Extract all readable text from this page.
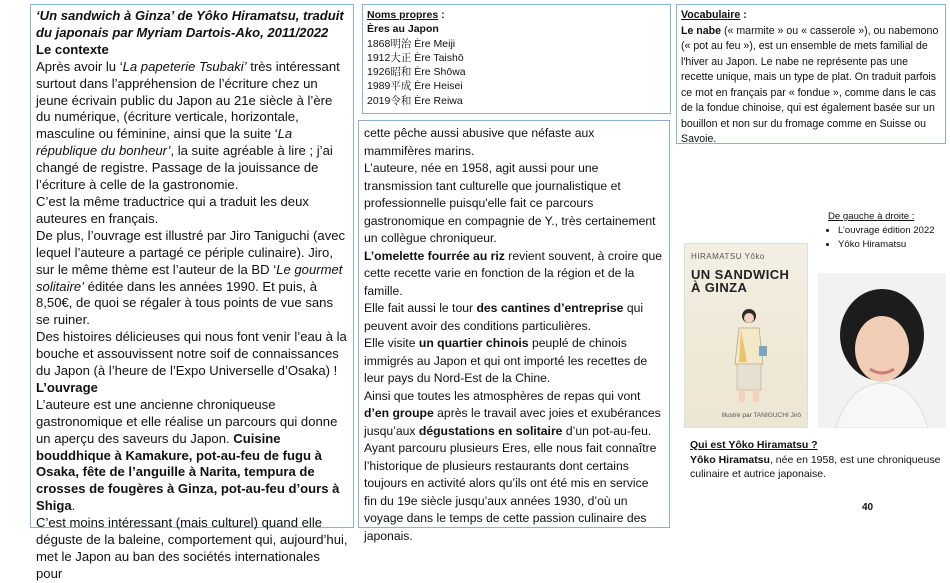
‘Un sandwich à Ginza’ de Yôko Hiramatsu, traduit du japonais par Myriam Dartois-Ako, 2011/2022

Le contexte

Après avoir lu ‘La papeterie Tsubaki’ très intéressant surtout dans l’appréhension de l’écriture chez un jeune écrivain public du Japon au 21e siècle à l’ère du numérique, (écriture verticale, horizontale, masculine ou féminine, ainsi que la suite ‘La république du bonheur’, la suite agréable à lire ; j’ai changé de registre. Passage de la jouissance de l’écriture à celle de la gastronomie.

C’est la même traductrice qui a traduit les deux auteures en français.

De plus, l’ouvrage est illustré par Jiro Taniguchi (avec lequel l’auteure a partagé ce périple culinaire). Jiro, sur le même thème est l’auteur de la BD ‘Le gourmet solitaire’ éditée dans les années 1990. Et puis, à 8,50€, de quoi se régaler à tous points de vue sans se ruiner.

Des histoires délicieuses qui nous font venir l’eau à la bouche et assouvissent notre soif de connaissances du Japon (à l’heure de l’Expo Universelle d’Osaka) !

L’ouvrage

L’auteure est une ancienne chroniqueuse gastronomique et elle réalise un parcours qui donne un aperçu des saveurs du Japon. Cuisine bouddhique à Kamakure, pot-au-feu de fugu à Osaka, fête de l’anguille à Narita, tempura de crosses de fougères à Ginza, pot-au-feu d’ours à Shiga.

C’est moins intéressant (mais culturel) quand elle déguste de la baleine, comportement qui, aujourd’hui, met le Japon au ban des sociétés internationales pour

Noms propres :
Ères au Japon
1868明治 Ère Meiji
1912大正 Ère Taishō
1926昭和 Ère Shōwa
1989平成 Ère Heisei
2019令和 Ère Reiwa

cette pêche aussi abusive que néfaste aux mammifères marins.

L’auteure, née en 1958, agit aussi pour une transmission tant culturelle que journalistique et professionnelle puisqu'elle fait ce parcours gastronomique en compagnie de Y., très certainement un collègue chroniqueur.

L’omelette fourrée au riz revient souvent, à croire que cette recette varie en fonction de la région et de la famille.

Elle fait aussi le tour des cantines d’entreprise qui peuvent avoir des conditions particulières.

Elle visite un quartier chinois peuplé de chinois immigrés au Japon et qui ont importé les recettes de leur pays du Nord-Est de la Chine.

Ainsi que toutes les atmosphères de repas qui vont d’en groupe après le travail avec joies et exubérances jusqu’aux dégustations en solitaire d’un pot-au-feu.

Ayant parcouru plusieurs Eres, elle nous fait connaître l’historique de plusieurs restaurants dont certains toujours en activité alors qu’ils ont été mis en service fin du 19e siècle jusqu’aux années 1930, d’où un voyage dans le temps de cette passion culinaire des japonais.

Vocabulaire :
Le nabe (« marmite » ou « casserole »), ou nabemono (« pot au feu »), est un ensemble de mets familial de l'hiver au Japon. Le nabe ne représente pas une recette unique, mais un type de plat. On traduit parfois ce mot en français par « fondue », comme dans le cas de la fondue chinoise, qui est également basée sur un bouillon et non sur du fromage comme en Suisse ou Savoie.
De gauche à droite :
• L’ouvrage édition 2022
• Yôko Hiramatsu
HIRAMATSU Yôko
UN SANDWICH À GINZA
Illustré par TANIGUCHI Jirô
Qui est Yôko Hiramatsu ?
Yôko Hiramatsu, née en 1958, est une chroniqueuse culinaire et autrice japonaise.
40
